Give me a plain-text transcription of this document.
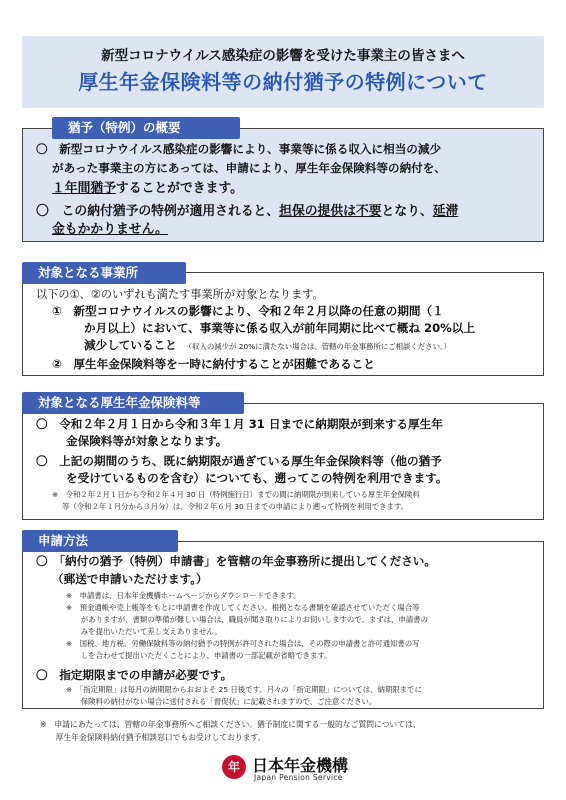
新型コロナウイルス感染症の影響を受けた事業主の皆さまへ
厚生年金保険料等の納付猶予の特例について
猶予（特例）の概要
〇　新型コロナウイルス感染症の影響により、事業等に係る収入に相当の減少
があった事業主の方にあっては、申請により、厚生年金保険料等の納付を、
１年間猶予することができます。
〇　この納付猶予の特例が適用されると、担保の提供は不要となり、延滞
金もかかりません。
対象となる事業所
以下の①、②のいずれも満たす事業所が対象となります。
①　新型コロナウイルスの影響により、令和２年２月以降の任意の期間（１
か月以上）において、事業等に係る収入が前年同期に比べて概ね 20%以上
減少していること　 （収入の減少が 20%に満たない場合は、管轄の年金事務所にご相談ください。）
②　厚生年金保険料等を一時に納付することが困難であること
対象となる厚生年金保険料等
〇　令和２年２月１日から令和３年１月 31 日までに納期限が到来する厚生年
金保険料等が対象となります。
〇　上記の期間のうち、既に納期限が過ぎている厚生年金保険料等（他の猶予
を受けているものを含む）についても、遡ってこの特例を利用できます。
※　令和２年２月１日から令和２年４月 30 日（特例施行日）までの間に納期限が到来している厚生年金保険料
等（令和２年１月分から３月分）は、令和２年６月 30 日までの申請により遡って特例を利用できます。
申請方法
〇　「納付の猶予（特例）申請書」を管轄の年金事務所に提出してください。
（郵送で申請いただけます。）
※　申請書は、日本年金機構ホームページからダウンロードできます。
※　預金通帳や売上帳等をもとに申請書を作成してください。根拠となる書類を確認させていただく場合等
　　がありますが、書類の準備が難しい場合は、職員が聞き取りによりお伺いしますので、まずは、申請書の
　　みを提出いただいて差し支えありません。
※　国税、地方税、労働保険料等の納付猶予の特例が許可された場合は、その際の申請書と許可通知書の写
　　しを合わせて提出いただくことにより、申請書の一部記載が省略できます。
〇　指定期限までの申請が必要です。
※　「指定期限」は毎月の納期限からおおよそ 25 日後です。月々の「指定期限」については、納期限までに
　　保険料の納付がない場合に送付される「督促状」に記載されますので、ご注意ください。
※　申請にあたっては、管轄の年金事務所へご相談ください。猶予制度に関する一般的なご質問については、
　　厚生年金保険料納付猶予相談窓口でもお受けしております。
年 日本年金機構
Japan Pension Service
